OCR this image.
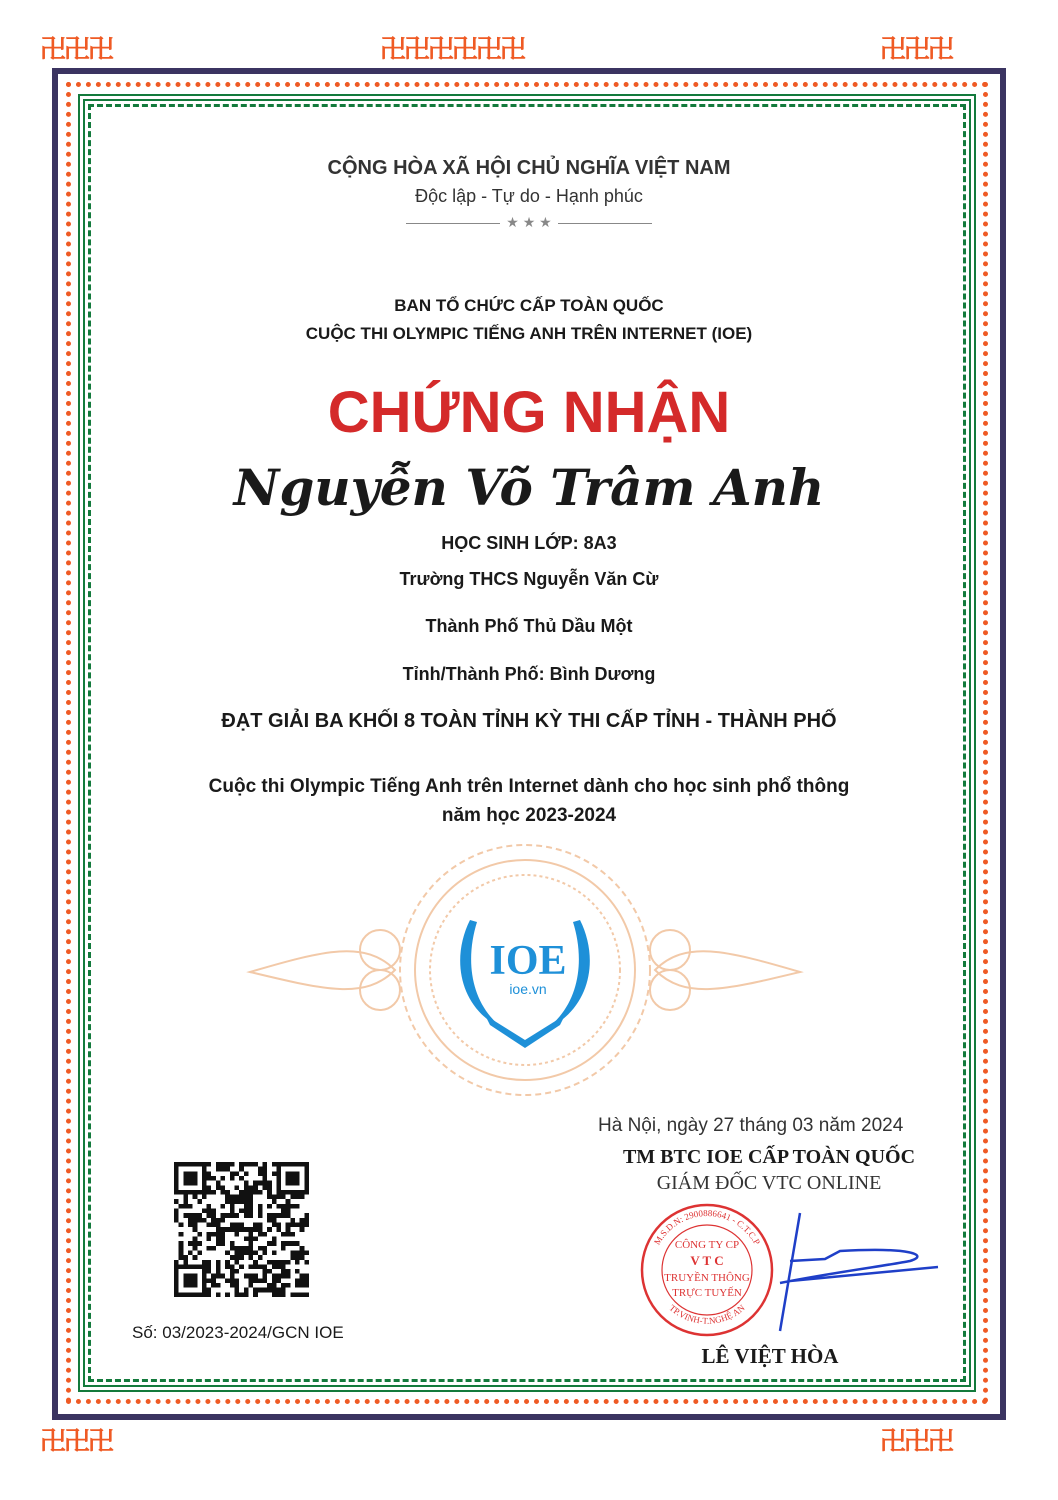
卍卍卍	卍卍卍卍卍卍	卍卍卍
卍卍卍	卍卍卍
CỘNG HÒA XÃ HỘI CHỦ NGHĨA VIỆT NAM
Độc lập - Tự do - Hạnh phúc
★ ★ ★
BAN TỔ CHỨC CẤP TOÀN QUỐC
CUỘC THI OLYMPIC TIẾNG ANH TRÊN INTERNET (IOE)
CHỨNG NHẬN
Nguyễn Võ Trâm Anh
HỌC SINH LỚP: 8A3
Trường THCS Nguyễn Văn Cừ
Thành Phố Thủ Dầu Một
Tỉnh/Thành Phố: Bình Dương
ĐẠT GIẢI BA KHỐI 8 TOÀN TỈNH KỲ THI CẤP TỈNH - THÀNH PHỐ
Cuộc thi Olympic Tiếng Anh trên Internet dành cho học sinh phổ thông
năm học 2023-2024
IOE
ioe.vn
Hà Nội, ngày 27 tháng 03 năm 2024
TM BTC IOE CẤP TOÀN QUỐC
GIÁM ĐỐC VTC ONLINE
M.S.D.N: 2900886641 - C.T.C.P
TP.VINH-T.NGHỆ AN
CÔNG TY CP
V T C
TRUYỀN THÔNG
TRỰC TUYẾN
LÊ VIỆT HÒA
Số: 03/2023-2024/GCN IOE
